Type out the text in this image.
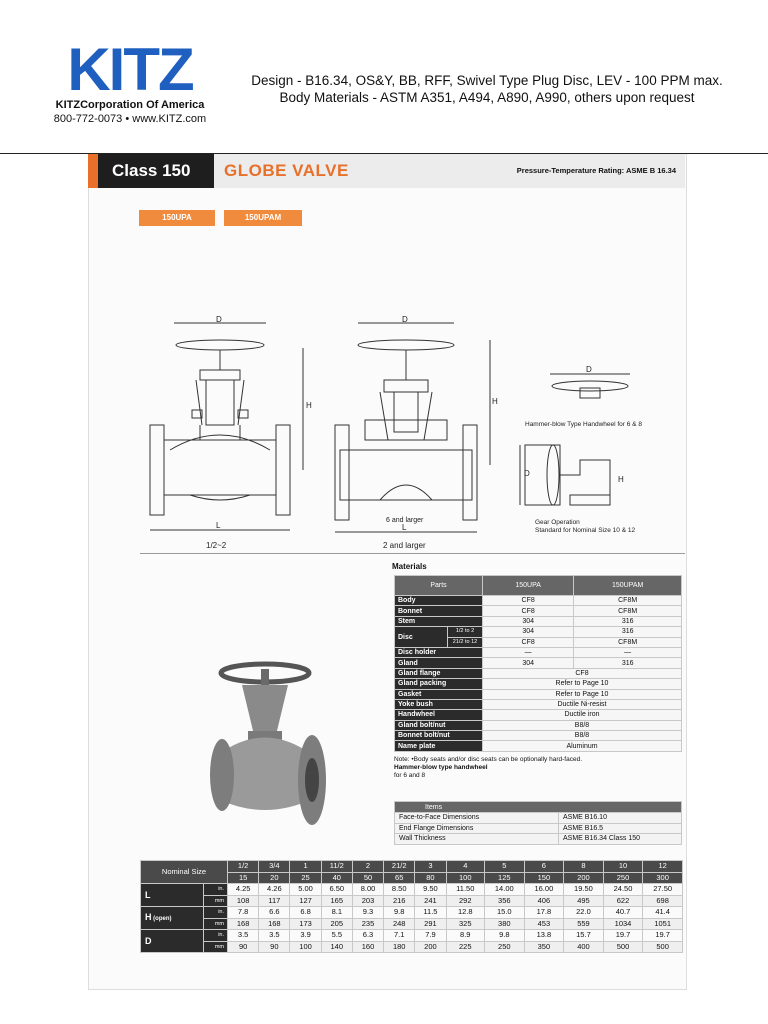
KITZ
KITZCorporation Of America
800-772-0073 • www.KITZ.com
Design - B16.34, OS&Y, BB, RFF, Swivel Type Plug Disc, LEV - 100 PPM max.
Body Materials - ASTM A351, A494, A890, A990, others upon request
Class 150	GLOBE VALVE	Pressure-Temperature Rating: ASME B 16.34
150UPA	150UPAM
D
H
L
D
H
L
D
D
H
1/2~2	2 and larger
6 and larger
Hammer-blow Type Handwheel for 6 & 8
Gear Operation
Standard for Nominal Size 10 & 12
Materials
Parts		150UPA	150UPAM
Body		CF8	CF8M
Bonnet		CF8	CF8M
Stem		304	316
Disc	1/2 to 2	304	316
	21/2 to 12	CF8	CF8M
Disc holder		—	—
Gland		304	316
Gland flange		CF8	
Gland packing		Refer to Page 10	
Gasket		Refer to Page 10	
Yoke bush		Ductile Ni-resist	
Handwheel		Ductile iron	
Gland bolt/nut		B8/8	
Bonnet bolt/nut		B8/8	
Name plate		Aluminum	
Note: •Body seats and/or disc seats can be optionally hard-faced.
Hammer-blow type handwheel
for 6 and 8
Items	
Face-to-Face Dimensions	ASME B16.10
End Flange Dimensions	ASME B16.5
Wall Thickness	ASME B16.34 Class 150
Nominal Size		1/2	3/4	1	11/2	2	21/2	3	4	5	6	8	10	12
		15	20	25	40	50	65	80	100	125	150	200	250	300
L	in.	4.25	4.26	5.00	6.50	8.00	8.50	9.50	11.50	14.00	16.00	19.50	24.50	27.50
	mm	108	117	127	165	203	216	241	292	356	406	495	622	698
H (open)	in.	7.8	6.6	6.8	8.1	9.3	9.8	11.5	12.8	15.0	17.8	22.0	40.7	41.4
	mm	168	168	173	205	235	248	291	325	380	453	559	1034	1051
D	in.	3.5	3.5	3.9	5.5	6.3	7.1	7.9	8.9	9.8	13.8	15.7	19.7	19.7
	mm	90	90	100	140	160	180	200	225	250	350	400	500	500
